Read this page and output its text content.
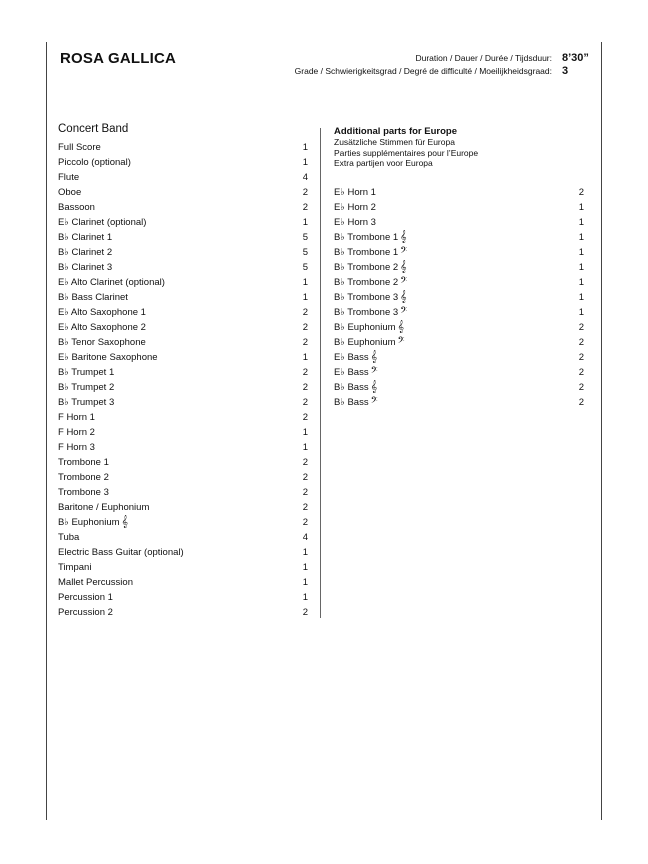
ROSA GALLICA	Duration / Dauer / Durée / Tijdsduur: 8’30”
Grade / Schwierigkeitsgrad / Degré de difficulté / Moeilijkheidsgraad: 3
Concert Band
Full Score	1
Piccolo (optional)	1
Flute	4
Oboe	2
Bassoon	2
E♭ Clarinet (optional)	1
B♭ Clarinet 1	5
B♭ Clarinet 2	5
B♭ Clarinet 3	5
E♭ Alto Clarinet (optional)	1
B♭ Bass Clarinet	1
E♭ Alto Saxophone 1	2
E♭ Alto Saxophone 2	2
B♭ Tenor Saxophone	2
E♭ Baritone Saxophone	1
B♭ Trumpet 1	2
B♭ Trumpet 2	2
B♭ Trumpet 3	2
F Horn 1	2
F Horn 2	1
F Horn 3	1
Trombone 1	2
Trombone 2	2
Trombone 3	2
Baritone / Euphonium	2
B♭ Euphonium 𝄞	2
Tuba	4
Electric Bass Guitar (optional)	1
Timpani	1
Mallet Percussion	1
Percussion 1	1
Percussion 2	2
Additional parts for Europe
Zusätzliche Stimmen für Europa
Parties supplémentaires pour l’Europe
Extra partijen voor Europa
E♭ Horn 1	2
E♭ Horn 2	1
E♭ Horn 3	1
B♭ Trombone 1 𝄞	1
B♭ Trombone 1 𝄢	1
B♭ Trombone 2 𝄞	1
B♭ Trombone 2 𝄢	1
B♭ Trombone 3 𝄞	1
B♭ Trombone 3 𝄢	1
B♭ Euphonium 𝄞	2
B♭ Euphonium 𝄢	2
E♭ Bass 𝄞	2
E♭ Bass 𝄢	2
B♭ Bass 𝄞	2
B♭ Bass 𝄢	2
